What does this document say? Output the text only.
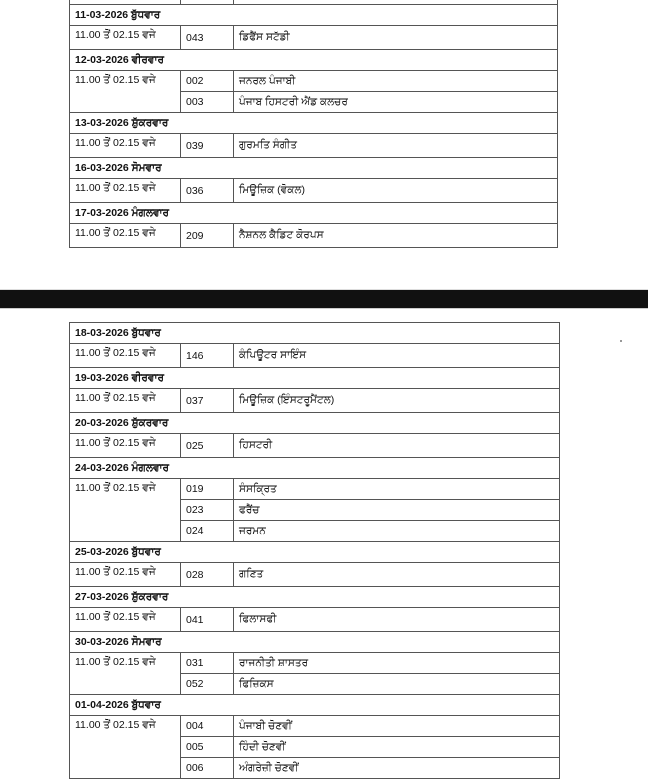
11-03-2026 ਬੁੱਧਵਾਰ		
11.00 ਤੋਂ 02.15 ਵਜੇ	043	ਡਿਫੈਂਸ ਸਟੱਡੀ
12-03-2026 ਵੀਰਵਾਰ		
11.00 ਤੋਂ 02.15 ਵਜੇ	002	ਜਨਰਲ ਪੰਜਾਬੀ
	003	ਪੰਜਾਬ ਹਿਸਟਰੀ ਐਂਡ ਕਲਚਰ
13-03-2026 ਸ਼ੁੱਕਰਵਾਰ		
11.00 ਤੋਂ 02.15 ਵਜੇ	039	ਗੁਰਮਤਿ ਸੰਗੀਤ
16-03-2026 ਸੋਮਵਾਰ		
11.00 ਤੋਂ 02.15 ਵਜੇ	036	ਮਿਊਜ਼ਿਕ (ਵੋਕਲ)
17-03-2026 ਮੰਗਲਵਾਰ		
11.00 ਤੋਂ 02.15 ਵਜੇ	209	ਨੈਸ਼ਨਲ ਕੈਡਿਟ ਕੋਰਪਸ
18-03-2026 ਬੁੱਧਵਾਰ		
11.00 ਤੋਂ 02.15 ਵਜੇ	146	ਕੰਪਿਊਟਰ ਸਾਇੰਸ
19-03-2026 ਵੀਰਵਾਰ		
11.00 ਤੋਂ 02.15 ਵਜੇ	037	ਮਿਊਜ਼ਿਕ (ਇੰਸਟਰੂਮੈਂਟਲ)
20-03-2026 ਸ਼ੁੱਕਰਵਾਰ		
11.00 ਤੋਂ 02.15 ਵਜੇ	025	ਹਿਸਟਰੀ
24-03-2026 ਮੰਗਲਵਾਰ		
11.00 ਤੋਂ 02.15 ਵਜੇ	019	ਸੰਸਕ੍ਰਿਤ
	023	ਫਰੈਂਚ
	024	ਜਰਮਨ
25-03-2026 ਬੁੱਧਵਾਰ		
11.00 ਤੋਂ 02.15 ਵਜੇ	028	ਗਣਿਤ
27-03-2026 ਸ਼ੁੱਕਰਵਾਰ		
11.00 ਤੋਂ 02.15 ਵਜੇ	041	ਫਿਲਾਸਫੀ
30-03-2026 ਸੋਮਵਾਰ		
11.00 ਤੋਂ 02.15 ਵਜੇ	031	ਰਾਜਨੀਤੀ ਸ਼ਾਸਤਰ
	052	ਫਿਜ਼ਿਕਸ
01-04-2026 ਬੁੱਧਵਾਰ		
11.00 ਤੋਂ 02.15 ਵਜੇ	004	ਪੰਜਾਬੀ ਚੋਣਵੀਂ
	005	ਹਿੰਦੀ ਚੋਣਵੀਂ
	006	ਅੰਗਰੇਜ਼ੀ ਚੋਣਵੀਂ
